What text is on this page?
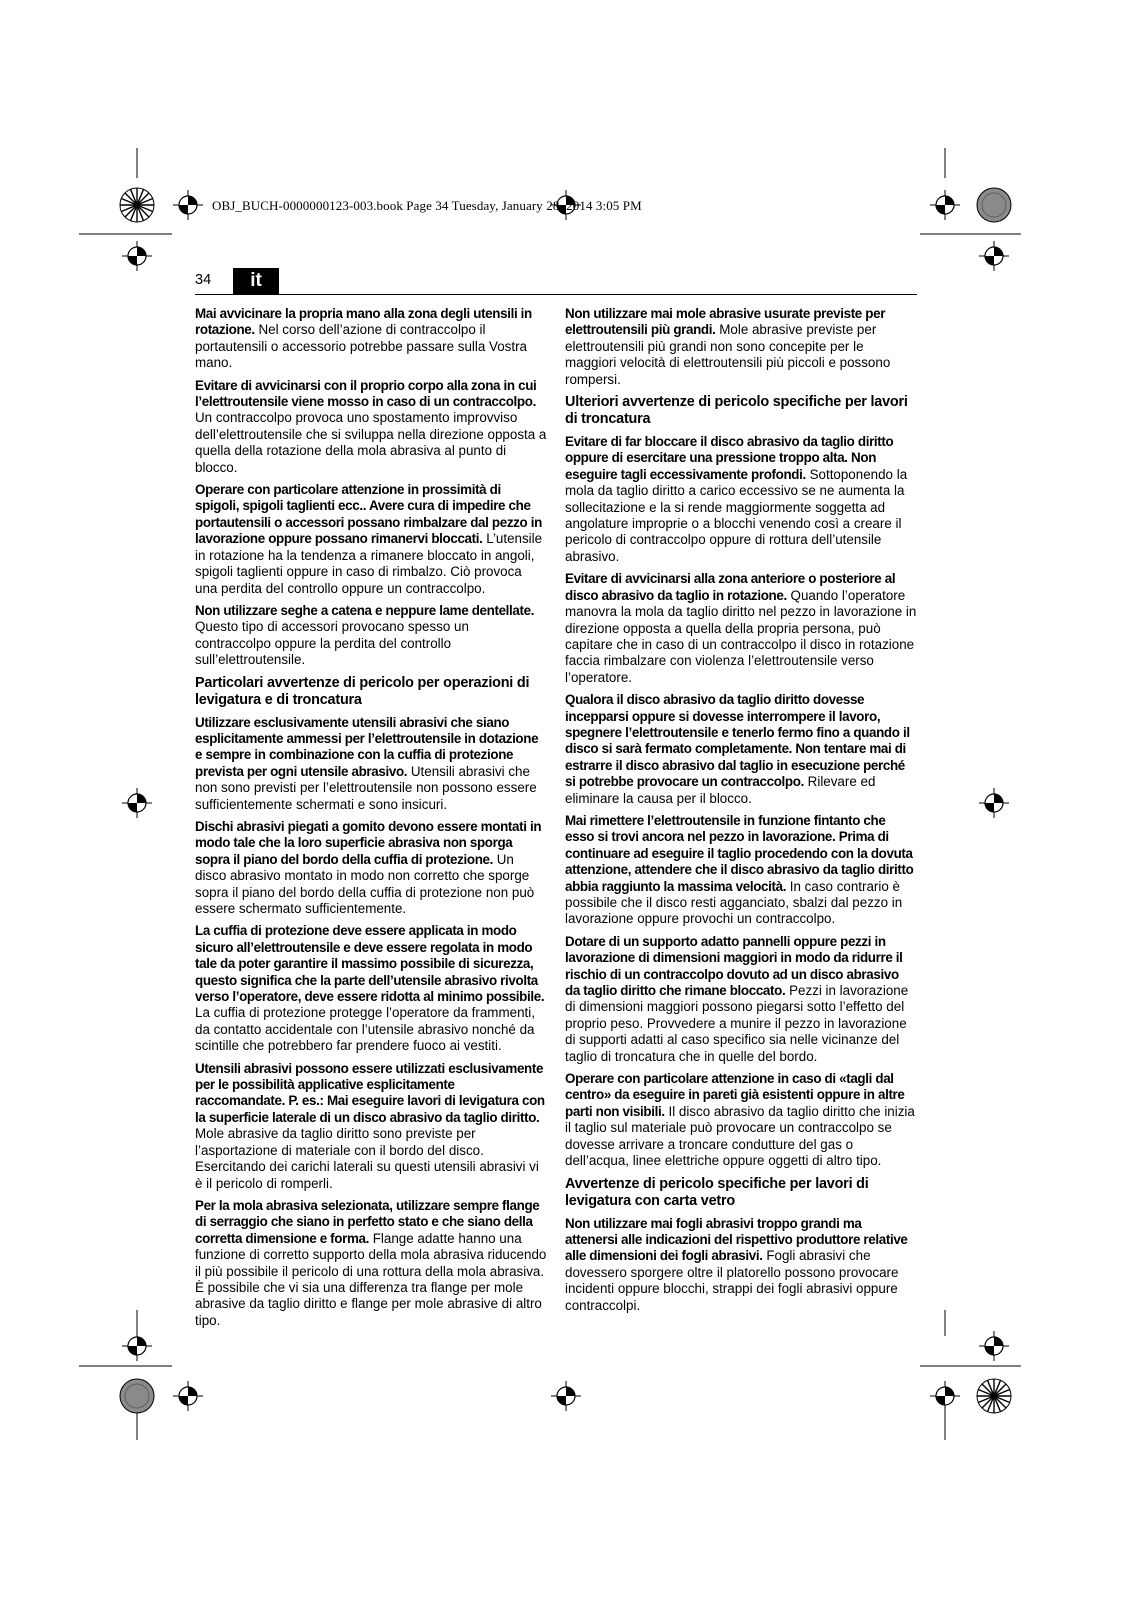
OBJ_BUCH-0000000123-003.book Page 34 Tuesday, January 28, 2014 3:05 PM
34	it

Mai avvicinare la propria mano alla zona degli utensili in rotazione. Nel corso dell’azione di contraccolpo il portautensili o accessorio potrebbe passare sulla Vostra mano.

Evitare di avvicinarsi con il proprio corpo alla zona in cui l’elettroutensile viene mosso in caso di un contraccolpo. Un contraccolpo provoca uno spostamento improvviso dell’elettroutensile che si sviluppa nella direzione opposta a quella della rotazione della mola abrasiva al punto di blocco.

Operare con particolare attenzione in prossimità di spigoli, spigoli taglienti ecc.. Avere cura di impedire che portautensili o accessori possano rimbalzare dal pezzo in lavorazione oppure possano rimanervi bloccati. L’utensile in rotazione ha la tendenza a rimanere bloccato in angoli, spigoli taglienti oppure in caso di rimbalzo. Ciò provoca una perdita del controllo oppure un contraccolpo.

Non utilizzare seghe a catena e neppure lame dentellate. Questo tipo di accessori provocano spesso un contraccolpo oppure la perdita del controllo sull’elettroutensile.

Particolari avvertenze di pericolo per operazioni di levigatura e di troncatura

Utilizzare esclusivamente utensili abrasivi che siano esplicitamente ammessi per l’elettroutensile in dotazione e sempre in combinazione con la cuffia di protezione prevista per ogni utensile abrasivo. Utensili abrasivi che non sono previsti per l’elettroutensile non possono essere sufficientemente schermati e sono insicuri.

Dischi abrasivi piegati a gomito devono essere montati in modo tale che la loro superficie abrasiva non sporga sopra il piano del bordo della cuffia di protezione. Un disco abrasivo montato in modo non corretto che sporge sopra il piano del bordo della cuffia di protezione non può essere schermato sufficientemente.

La cuffia di protezione deve essere applicata in modo sicuro all’elettroutensile e deve essere regolata in modo tale da poter garantire il massimo possibile di sicurezza, questo significa che la parte dell’utensile abrasivo rivolta verso l’operatore, deve essere ridotta al minimo possibile. La cuffia di protezione protegge l’operatore da frammenti, da contatto accidentale con l’utensile abrasivo nonché da scintille che potrebbero far prendere fuoco ai vestiti.

Utensili abrasivi possono essere utilizzati esclusivamente per le possibilità applicative esplicitamente raccomandate. P. es.: Mai eseguire lavori di levigatura con la superficie laterale di un disco abrasivo da taglio diritto. Mole abrasive da taglio diritto sono previste per l’asportazione di materiale con il bordo del disco. Esercitando dei carichi laterali su questi utensili abrasivi vi è il pericolo di romperli.

Per la mola abrasiva selezionata, utilizzare sempre flange di serraggio che siano in perfetto stato e che siano della corretta dimensione e forma. Flange adatte hanno una funzione di corretto supporto della mola abrasiva riducendo il più possibile il pericolo di una rottura della mola abrasiva. È possibile che vi sia una differenza tra flange per mole abrasive da taglio diritto e flange per mole abrasive di altro tipo.

Non utilizzare mai mole abrasive usurate previste per elettroutensili più grandi. Mole abrasive previste per elettroutensili più grandi non sono concepite per le maggiori velocità di elettroutensili più piccoli e possono rompersi.

Ulteriori avvertenze di pericolo specifiche per lavori di troncatura

Evitare di far bloccare il disco abrasivo da taglio diritto oppure di esercitare una pressione troppo alta. Non eseguire tagli eccessivamente profondi. Sottoponendo la mola da taglio diritto a carico eccessivo se ne aumenta la sollecitazione e la si rende maggiormente soggetta ad angolature improprie o a blocchi venendo così a creare il pericolo di contraccolpo oppure di rottura dell’utensile abrasivo.

Evitare di avvicinarsi alla zona anteriore o posteriore al disco abrasivo da taglio in rotazione. Quando l’operatore manovra la mola da taglio diritto nel pezzo in lavorazione in direzione opposta a quella della propria persona, può capitare che in caso di un contraccolpo il disco in rotazione faccia rimbalzare con violenza l’elettroutensile verso l’operatore.

Qualora il disco abrasivo da taglio diritto dovesse incepparsi oppure si dovesse interrompere il lavoro, spegnere l’elettroutensile e tenerlo fermo fino a quando il disco si sarà fermato completamente. Non tentare mai di estrarre il disco abrasivo dal taglio in esecuzione perché si potrebbe provocare un contraccolpo. Rilevare ed eliminare la causa per il blocco.

Mai rimettere l’elettroutensile in funzione fintanto che esso si trovi ancora nel pezzo in lavorazione. Prima di continuare ad eseguire il taglio procedendo con la dovuta attenzione, attendere che il disco abrasivo da taglio diritto abbia raggiunto la massima velocità. In caso contrario è possibile che il disco resti agganciato, sbalzi dal pezzo in lavorazione oppure provochi un contraccolpo.

Dotare di un supporto adatto pannelli oppure pezzi in lavorazione di dimensioni maggiori in modo da ridurre il rischio di un contraccolpo dovuto ad un disco abrasivo da taglio diritto che rimane bloccato. Pezzi in lavorazione di dimensioni maggiori possono piegarsi sotto l’effetto del proprio peso. Provvedere a munire il pezzo in lavorazione di supporti adatti al caso specifico sia nelle vicinanze del taglio di troncatura che in quelle del bordo.

Operare con particolare attenzione in caso di «tagli dal centro» da eseguire in pareti già esistenti oppure in altre parti non visibili. Il disco abrasivo da taglio diritto che inizia il taglio sul materiale può provocare un contraccolpo se dovesse arrivare a troncare condutture del gas o dell’acqua, linee elettriche oppure oggetti di altro tipo.

Avvertenze di pericolo specifiche per lavori di levigatura con carta vetro

Non utilizzare mai fogli abrasivi troppo grandi ma attenersi alle indicazioni del rispettivo produttore relative alle dimensioni dei fogli abrasivi. Fogli abrasivi che dovessero sporgere oltre il platorello possono provocare incidenti oppure blocchi, strappi dei fogli abrasivi oppure contraccolpi.
